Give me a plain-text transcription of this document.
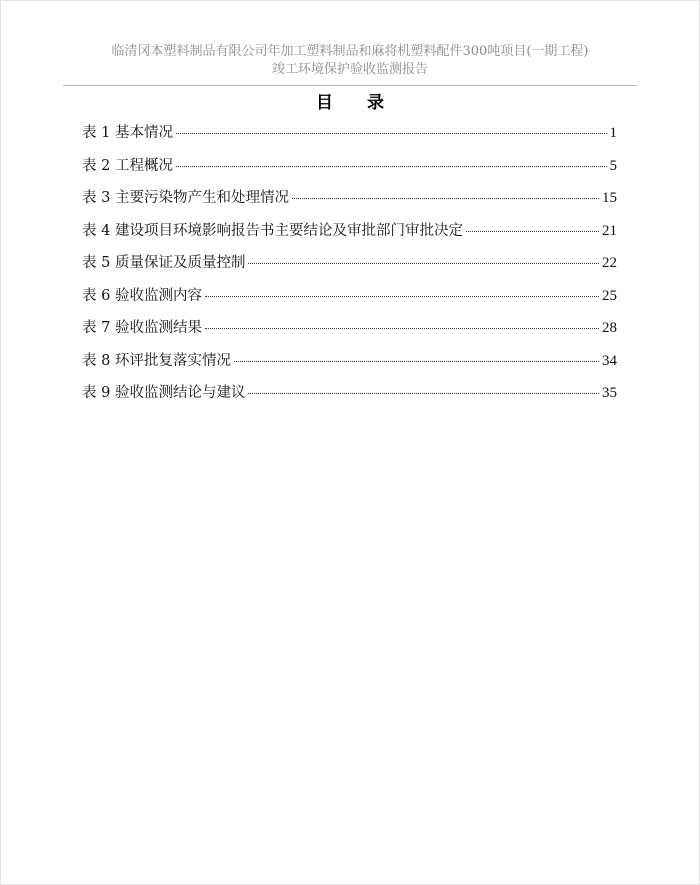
临清冈本塑料制品有限公司年加工塑料制品和麻将机塑料配件300吨项目(一期工程)
竣工环境保护验收监测报告
目 录
表 1 基本情况	1
表 2 工程概况	5
表 3 主要污染物产生和处理情况	15
表 4 建设项目环境影响报告书主要结论及审批部门审批决定	21
表 5 质量保证及质量控制	22
表 6 验收监测内容	25
表 7 验收监测结果	28
表 8 环评批复落实情况	34
表 9 验收监测结论与建议	35
